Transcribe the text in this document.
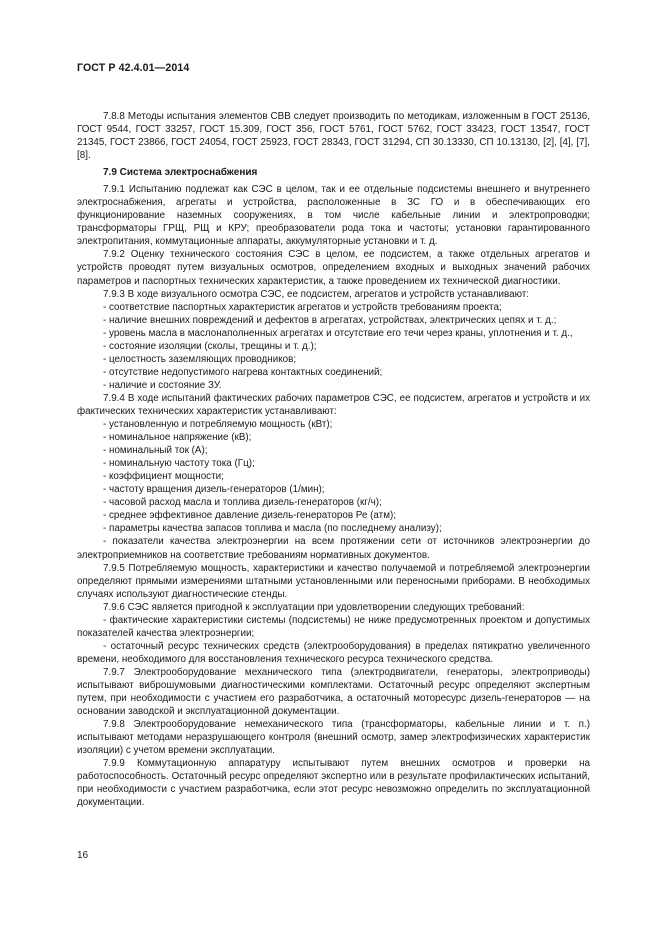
ГОСТ Р 42.4.01—2014

7.8.8 Методы испытания элементов СВВ следует производить по методикам, изложенным в ГОСТ 25136, ГОСТ 9544, ГОСТ 33257, ГОСТ 15.309, ГОСТ 356, ГОСТ 5761, ГОСТ 5762, ГОСТ 33423, ГОСТ 13547, ГОСТ 21345, ГОСТ 23866, ГОСТ 24054, ГОСТ 25923, ГОСТ 28343, ГОСТ 31294, СП 30.13330, СП 10.13130, [2], [4], [7], [8].

7.9 Система электроснабжения

7.9.1 Испытанию подлежат как СЭС в целом, так и ее отдельные подсистемы внешнего и внутреннего электроснабжения, агрегаты и устройства, расположенные в ЗС ГО и в обеспечивающих его функционирование наземных сооружениях, в том числе кабельные линии и электропроводки; трансформаторы ГРЩ, РЩ и КРУ; преобразователи рода тока и частоты; установки гарантированного электропитания, коммутационные аппараты, аккумуляторные установки и т. д.

7.9.2 Оценку технического состояния СЭС в целом, ее подсистем, а также отдельных агрегатов и устройств проводят путем визуальных осмотров, определением входных и выходных значений рабочих параметров и паспортных технических характеристик, а также проведением их технической диагностики.

7.9.3 В ходе визуального осмотра СЭС, ее подсистем, агрегатов и устройств устанавливают:

- соответствие паспортных характеристик агрегатов и устройств требованиям проекта;

- наличие внешних повреждений и дефектов в агрегатах, устройствах, электрических цепях и т. д.;

- уровень масла в маслонаполненных агрегатах и отсутствие его течи через краны, уплотнения и т. д.,

- состояние изоляции (сколы, трещины и т. д.);

- целостность заземляющих проводников;

- отсутствие недопустимого нагрева контактных соединений;

- наличие и состояние ЗУ.

7.9.4 В ходе испытаний фактических рабочих параметров СЭС, ее подсистем, агрегатов и устройств и их фактических технических характеристик устанавливают:

- установленную и потребляемую мощность (кВт);

- номинальное напряжение (кВ);

- номинальный ток (А);

- номинальную частоту тока (Гц);

- коэффициент мощности;

- частоту вращения дизель-генераторов (1/мин);

- часовой расход масла и топлива дизель-генераторов (кг/ч);

- среднее эффективное давление дизель-генераторов Ре (атм);

- параметры качества запасов топлива и масла (по последнему анализу);

- показатели качества электроэнергии на всем протяжении сети от источников электроэнергии до электроприемников на соответствие требованиям нормативных документов.

7.9.5 Потребляемую мощность, характеристики и качество получаемой и потребляемой электроэнергии определяют прямыми измерениями штатными установленными или переносными приборами. В необходимых случаях используют диагностические стенды.

7.9.6 СЭС является пригодной к эксплуатации при удовлетворении следующих требований:

- фактические характеристики системы (подсистемы) не ниже предусмотренных проектом и допустимых показателей качества электроэнергии;

- остаточный ресурс технических средств (электрооборудования) в пределах пятикратно увеличенного времени, необходимого для восстановления технического ресурса технического средства.

7.9.7 Электрооборудование механического типа (электродвигатели, генераторы, электроприводы) испытывают виброшумовыми диагностическими комплектами. Остаточный ресурс определяют экспертным путем, при необходимости с участием его разработчика, а остаточный моторесурс дизель-генераторов — на основании заводской и эксплуатационной документации.

7.9.8 Электрооборудование немеханического типа (трансформаторы, кабельные линии и т. п.) испытывают методами неразрушающего контроля (внешний осмотр, замер электрофизических характеристик изоляции) с учетом времени эксплуатации.

7.9.9 Коммутационную аппаратуру испытывают путем внешних осмотров и проверки на работоспособность. Остаточный ресурс определяют экспертно или в результате профилактических испытаний, при необходимости с участием разработчика, если этот ресурс невозможно определить по эксплуатационной документации.

16
